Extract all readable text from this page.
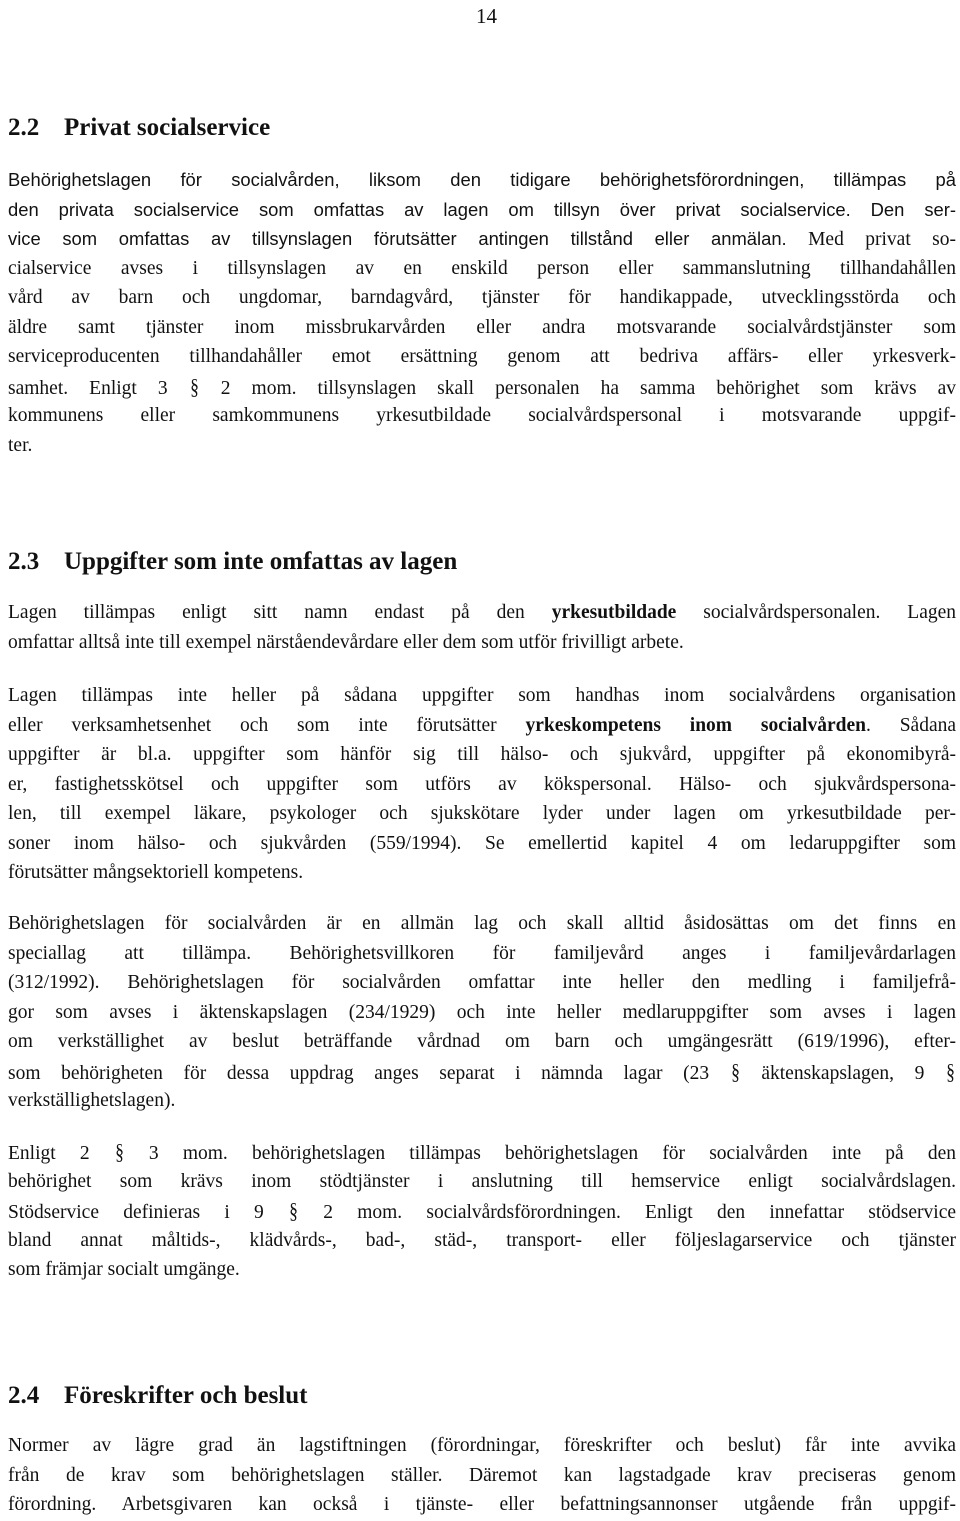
14
2.2 Privat socialservice
Behörighetslagen för socialvården, liksom den tidigare behörighetsförordningen, tillämpas på
den privata socialservice som omfattas av lagen om tillsyn över privat socialservice. Den ser-
vice som omfattas av tillsynslagen förutsätter antingen tillstånd eller anmälan. Med privat so-
cialservice avses i tillsynslagen av en enskild person eller sammanslutning tillhandahållen
vård av barn och ungdomar, barndagvård, tjänster för handikappade, utvecklingsstörda och
äldre samt tjänster inom missbrukarvården eller andra motsvarande socialvårdstjänster som
serviceproducenten tillhandahåller emot ersättning genom att bedriva affärs- eller yrkesverk-
samhet. Enligt 3 § 2 mom. tillsynslagen skall personalen ha samma behörighet som krävs av
kommunens eller samkommunens yrkesutbildade socialvårdspersonal i motsvarande uppgif-
ter.
2.3 Uppgifter som inte omfattas av lagen
Lagen tillämpas enligt sitt namn endast på den yrkesutbildade socialvårdspersonalen. Lagen
omfattar alltså inte till exempel närståendevårdare eller dem som utför frivilligt arbete.
Lagen tillämpas inte heller på sådana uppgifter som handhas inom socialvårdens organisation
eller verksamhetsenhet och som inte förutsätter yrkeskompetens inom socialvården. Sådana
uppgifter är bl.a. uppgifter som hänför sig till hälso- och sjukvård, uppgifter på ekonomibyrå-
er, fastighetsskötsel och uppgifter som utförs av kökspersonal. Hälso- och sjukvårdspersona-
len, till exempel läkare, psykologer och sjukskötare lyder under lagen om yrkesutbildade per-
soner inom hälso- och sjukvården (559/1994). Se emellertid kapitel 4 om ledaruppgifter som
förutsätter mångsektoriell kompetens.
Behörighetslagen för socialvården är en allmän lag och skall alltid åsidosättas om det finns en
speciallag att tillämpa. Behörighetsvillkoren för familjevård anges i familjevårdarlagen
(312/1992). Behörighetslagen för socialvården omfattar inte heller den medling i familjefrå-
gor som avses i äktenskapslagen (234/1929) och inte heller medlaruppgifter som avses i lagen
om verkställighet av beslut beträffande vårdnad om barn och umgängesrätt (619/1996), efter-
som behörigheten för dessa uppdrag anges separat i nämnda lagar (23 § äktenskapslagen, 9 §
verkställighetslagen).
Enligt 2 § 3 mom. behörighetslagen tillämpas behörighetslagen för socialvården inte på den
behörighet som krävs inom stödtjänster i anslutning till hemservice enligt socialvårdslagen.
Stödservice definieras i 9 § 2 mom. socialvårdsförordningen. Enligt den innefattar stödservice
bland annat måltids-, klädvårds-, bad-, städ-, transport- eller följeslagarservice och tjänster
som främjar socialt umgänge.
2.4 Föreskrifter och beslut
Normer av lägre grad än lagstiftningen (förordningar, föreskrifter och beslut) får inte avvika
från de krav som behörighetslagen ställer. Däremot kan lagstadgade krav preciseras genom
förordning. Arbetsgivaren kan också i tjänste- eller befattningsannonser utgående från uppgif-
